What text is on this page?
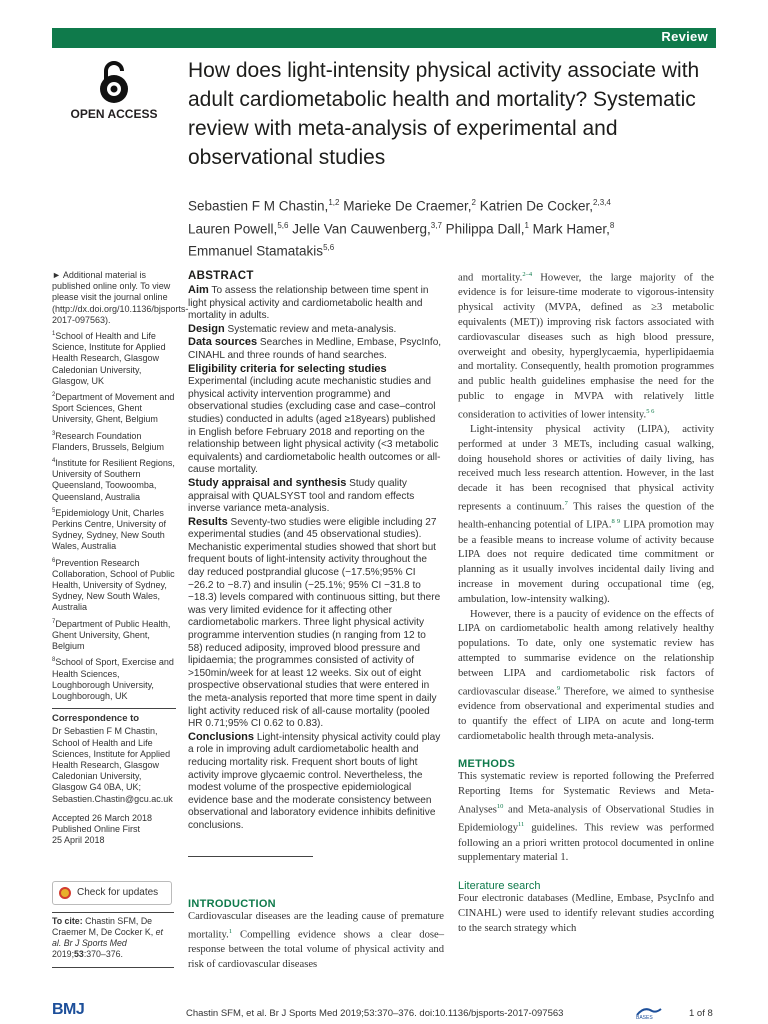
Review
OPEN ACCESS
How does light-intensity physical activity associate with adult cardiometabolic health and mortality? Systematic review with meta-analysis of experimental and observational studies
Sebastien F M Chastin,$^{1,2}$ Marieke De Craemer,$^2$ Katrien De Cocker,$^{2,3,4}$
Lauren Powell,$^{5,6}$ Jelle Van Cauwenberg,$^{3,7}$ Philippa Dall,$^1$ Mark Hamer,$^8$
Emmanuel Stamatakis$^{5,6}$

► Additional material is published online only. To view please visit the journal online (http://dx.doi.org/10.1136/bjsports-2017-097563).

$^1$School of Health and Life Science, Institute for Applied Health Research, Glasgow Caledonian University, Glasgow, UK

$^2$Department of Movement and Sport Sciences, Ghent University, Ghent, Belgium

$^3$Research Foundation Flanders, Brussels, Belgium

$^4$Institute for Resilient Regions, University of Southern Queensland, Toowoomba, Queensland, Australia

$^5$Epidemiology Unit, Charles Perkins Centre, University of Sydney, Sydney, New South Wales, Australia

$^6$Prevention Research Collaboration, School of Public Health, University of Sydney, Sydney, New South Wales, Australia

$^7$Department of Public Health, Ghent University, Ghent, Belgium

$^8$School of Sport, Exercise and Health Sciences, Loughborough University, Loughborough, UK

Correspondence to

Dr Sebastien F M Chastin, School of Health and Life Sciences, Institute for Applied Health Research, Glasgow Caledonian University, Glasgow G4 0BA, UK; Sebastien.Chastin@gcu.ac.uk

Accepted 26 March 2018

Published Online First

25 April 2018

Check for updates
To cite: Chastin SFM, De Craemer M, De Cocker K, et al. Br J Sports Med 2019;53:370–376.

ABSTRACT

Aim To assess the relationship between time spent in light physical activity and cardiometabolic health and mortality in adults.

Design Systematic review and meta-analysis.

Data sources Searches in Medline, Embase, PsycInfo, CINAHL and three rounds of hand searches.

Eligibility criteria for selecting studies Experimental (including acute mechanistic studies and physical activity intervention programme) and observational studies (excluding case and case–control studies) conducted in adults (aged ≥18years) published in English before February 2018 and reporting on the relationship between light physical activity (<3 metabolic equivalents) and cardiometabolic health outcomes or all-cause mortality.

Study appraisal and synthesis Study quality appraisal with QUALSYST tool and random effects inverse variance meta-analysis.

Results Seventy-two studies were eligible including 27 experimental studies (and 45 observational studies). Mechanistic experimental studies showed that short but frequent bouts of light-intensity activity throughout the day reduced postprandial glucose (−17.5%;95% CI −26.2 to −8.7) and insulin (−25.1%; 95% CI −31.8 to −18.3) levels compared with continuous sitting, but there was very limited evidence for it affecting other cardiometabolic markers. Three light physical activity programme intervention studies (n ranging from 12 to 58) reduced adiposity, improved blood pressure and lipidaemia; the programmes consisted of activity of >150min/week for at least 12 weeks. Six out of eight prospective observational studies that were entered in the meta-analysis reported that more time spent in daily light activity reduced risk of all-cause mortality (pooled HR 0.71;95% CI 0.62 to 0.83).

Conclusions Light-intensity physical activity could play a role in improving adult cardiometabolic health and reducing mortality risk. Frequent short bouts of light activity improve glycaemic control. Nevertheless, the modest volume of the prospective epidemiological evidence base and the moderate consistency between observational and laboratory evidence inhibits definitive conclusions.

INTRODUCTION

Cardiovascular diseases are the leading cause of premature mortality.$^1$ Compelling evidence shows a clear dose–response between the total volume of physical activity and risk of cardiovascular diseases

and mortality.$^{2-4}$ However, the large majority of the evidence is for leisure-time moderate to vigorous-intensity physical activity (MVPA, defined as ≥3 metabolic equivalents (MET)) improving risk factors associated with cardiovascular diseases such as high blood pressure, overweight and obesity, hyperglycaemia, hyperlipidaemia and mortality. Consequently, health promotion programmes and public health guidelines emphasise the need for the public to engage in MVPA with relatively little consideration to activities of lower intensity.$^{5 6}$

Light-intensity physical activity (LIPA), activity performed at under 3 METs, including casual walking, doing household shores or activities of daily living, has received much less research attention. However, in the last decade it has been recognised that physical activity represents a continuum.$^7$ This raises the question of the health-enhancing potential of LIPA.$^{8 9}$ LIPA promotion may be a feasible means to increase volume of activity because LIPA does not require dedicated time commitment or planning as it usually involves incidental daily living and increase in movement during occupational time (eg, ambulation, low-intensity walking).

However, there is a paucity of evidence on the effects of LIPA on cardiometabolic health among relatively healthy populations. To date, only one systematic review has attempted to summarise evidence on the relationship between LIPA and cardiometabolic risk factors of cardiovascular disease.$^9$ Therefore, we aimed to synthesise evidence from observational and experimental studies and to quantify the effect of LIPA on acute and long-term cardiometabolic health through meta-analysis.

METHODS

This systematic review is reported following the Preferred Reporting Items for Systematic Reviews and Meta-Analyses$^{10}$ and Meta-analysis of Observational Studies in Epidemiology$^{11}$ guidelines. This review was performed following an a priori written protocol documented in online supplementary material 1.

Literature search

Four electronic databases (Medline, Embase, PsycInfo and CINAHL) were used to identify relevant studies according to the search strategy which

BMJ	Chastin SFM, et al. Br J Sports Med 2019;53:370–376. doi:10.1136/bjsports-2017-097563	BASES	1 of 8
